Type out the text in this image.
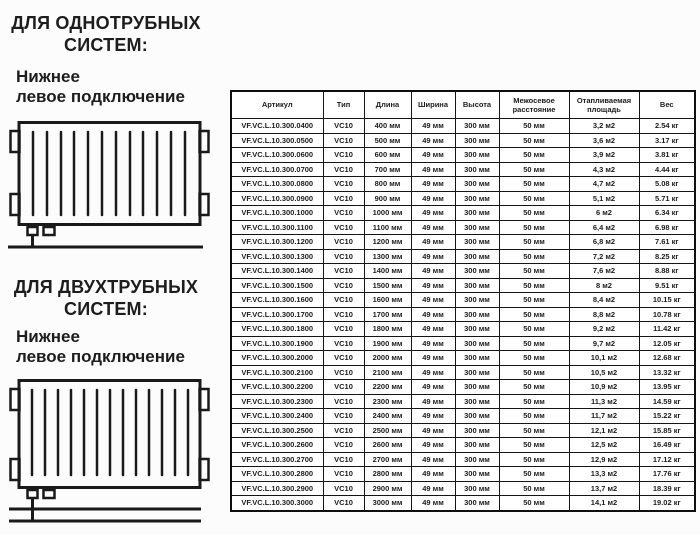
ДЛЯ ОДНОТРУБНЫХ
СИСТЕМ:
Нижнее
левое подключение
ДЛЯ ДВУХТРУБНЫХ
СИСТЕМ:
Нижнее
левое подключение
Артикул	Тип	Длина	Ширина	Высота	Межосевое расстояние	Отапливаемая площадь	Вес
VF.VC.L.10.300.0400	VC10	400 мм	49 мм	300 мм	50 мм	3,2 м2	2.54 кг
VF.VC.L.10.300.0500	VC10	500 мм	49 мм	300 мм	50 мм	3,6 м2	3.17 кг
VF.VC.L.10.300.0600	VC10	600 мм	49 мм	300 мм	50 мм	3,9 м2	3.81 кг
VF.VC.L.10.300.0700	VC10	700 мм	49 мм	300 мм	50 мм	4,3 м2	4.44 кг
VF.VC.L.10.300.0800	VC10	800 мм	49 мм	300 мм	50 мм	4,7 м2	5.08 кг
VF.VC.L.10.300.0900	VC10	900 мм	49 мм	300 мм	50 мм	5,1 м2	5.71 кг
VF.VC.L.10.300.1000	VC10	1000 мм	49 мм	300 мм	50 мм	6 м2	6.34 кг
VF.VC.L.10.300.1100	VC10	1100 мм	49 мм	300 мм	50 мм	6,4 м2	6.98 кг
VF.VC.L.10.300.1200	VC10	1200 мм	49 мм	300 мм	50 мм	6,8 м2	7.61 кг
VF.VC.L.10.300.1300	VC10	1300 мм	49 мм	300 мм	50 мм	7,2 м2	8.25 кг
VF.VC.L.10.300.1400	VC10	1400 мм	49 мм	300 мм	50 мм	7,6 м2	8.88 кг
VF.VC.L.10.300.1500	VC10	1500 мм	49 мм	300 мм	50 мм	8 м2	9.51 кг
VF.VC.L.10.300.1600	VC10	1600 мм	49 мм	300 мм	50 мм	8,4 м2	10.15 кг
VF.VC.L.10.300.1700	VC10	1700 мм	49 мм	300 мм	50 мм	8,8 м2	10.78 кг
VF.VC.L.10.300.1800	VC10	1800 мм	49 мм	300 мм	50 мм	9,2 м2	11.42 кг
VF.VC.L.10.300.1900	VC10	1900 мм	49 мм	300 мм	50 мм	9,7 м2	12.05 кг
VF.VC.L.10.300.2000	VC10	2000 мм	49 мм	300 мм	50 мм	10,1 м2	12.68 кг
VF.VC.L.10.300.2100	VC10	2100 мм	49 мм	300 мм	50 мм	10,5 м2	13.32 кг
VF.VC.L.10.300.2200	VC10	2200 мм	49 мм	300 мм	50 мм	10,9 м2	13.95 кг
VF.VC.L.10.300.2300	VC10	2300 мм	49 мм	300 мм	50 мм	11,3 м2	14.59 кг
VF.VC.L.10.300.2400	VC10	2400 мм	49 мм	300 мм	50 мм	11,7 м2	15.22 кг
VF.VC.L.10.300.2500	VC10	2500 мм	49 мм	300 мм	50 мм	12,1 м2	15.85 кг
VF.VC.L.10.300.2600	VC10	2600 мм	49 мм	300 мм	50 мм	12,5 м2	16.49 кг
VF.VC.L.10.300.2700	VC10	2700 мм	49 мм	300 мм	50 мм	12,9 м2	17.12 кг
VF.VC.L.10.300.2800	VC10	2800 мм	49 мм	300 мм	50 мм	13,3 м2	17.76 кг
VF.VC.L.10.300.2900	VC10	2900 мм	49 мм	300 мм	50 мм	13,7 м2	18.39 кг
VF.VC.L.10.300.3000	VC10	3000 мм	49 мм	300 мм	50 мм	14,1 м2	19.02 кг
